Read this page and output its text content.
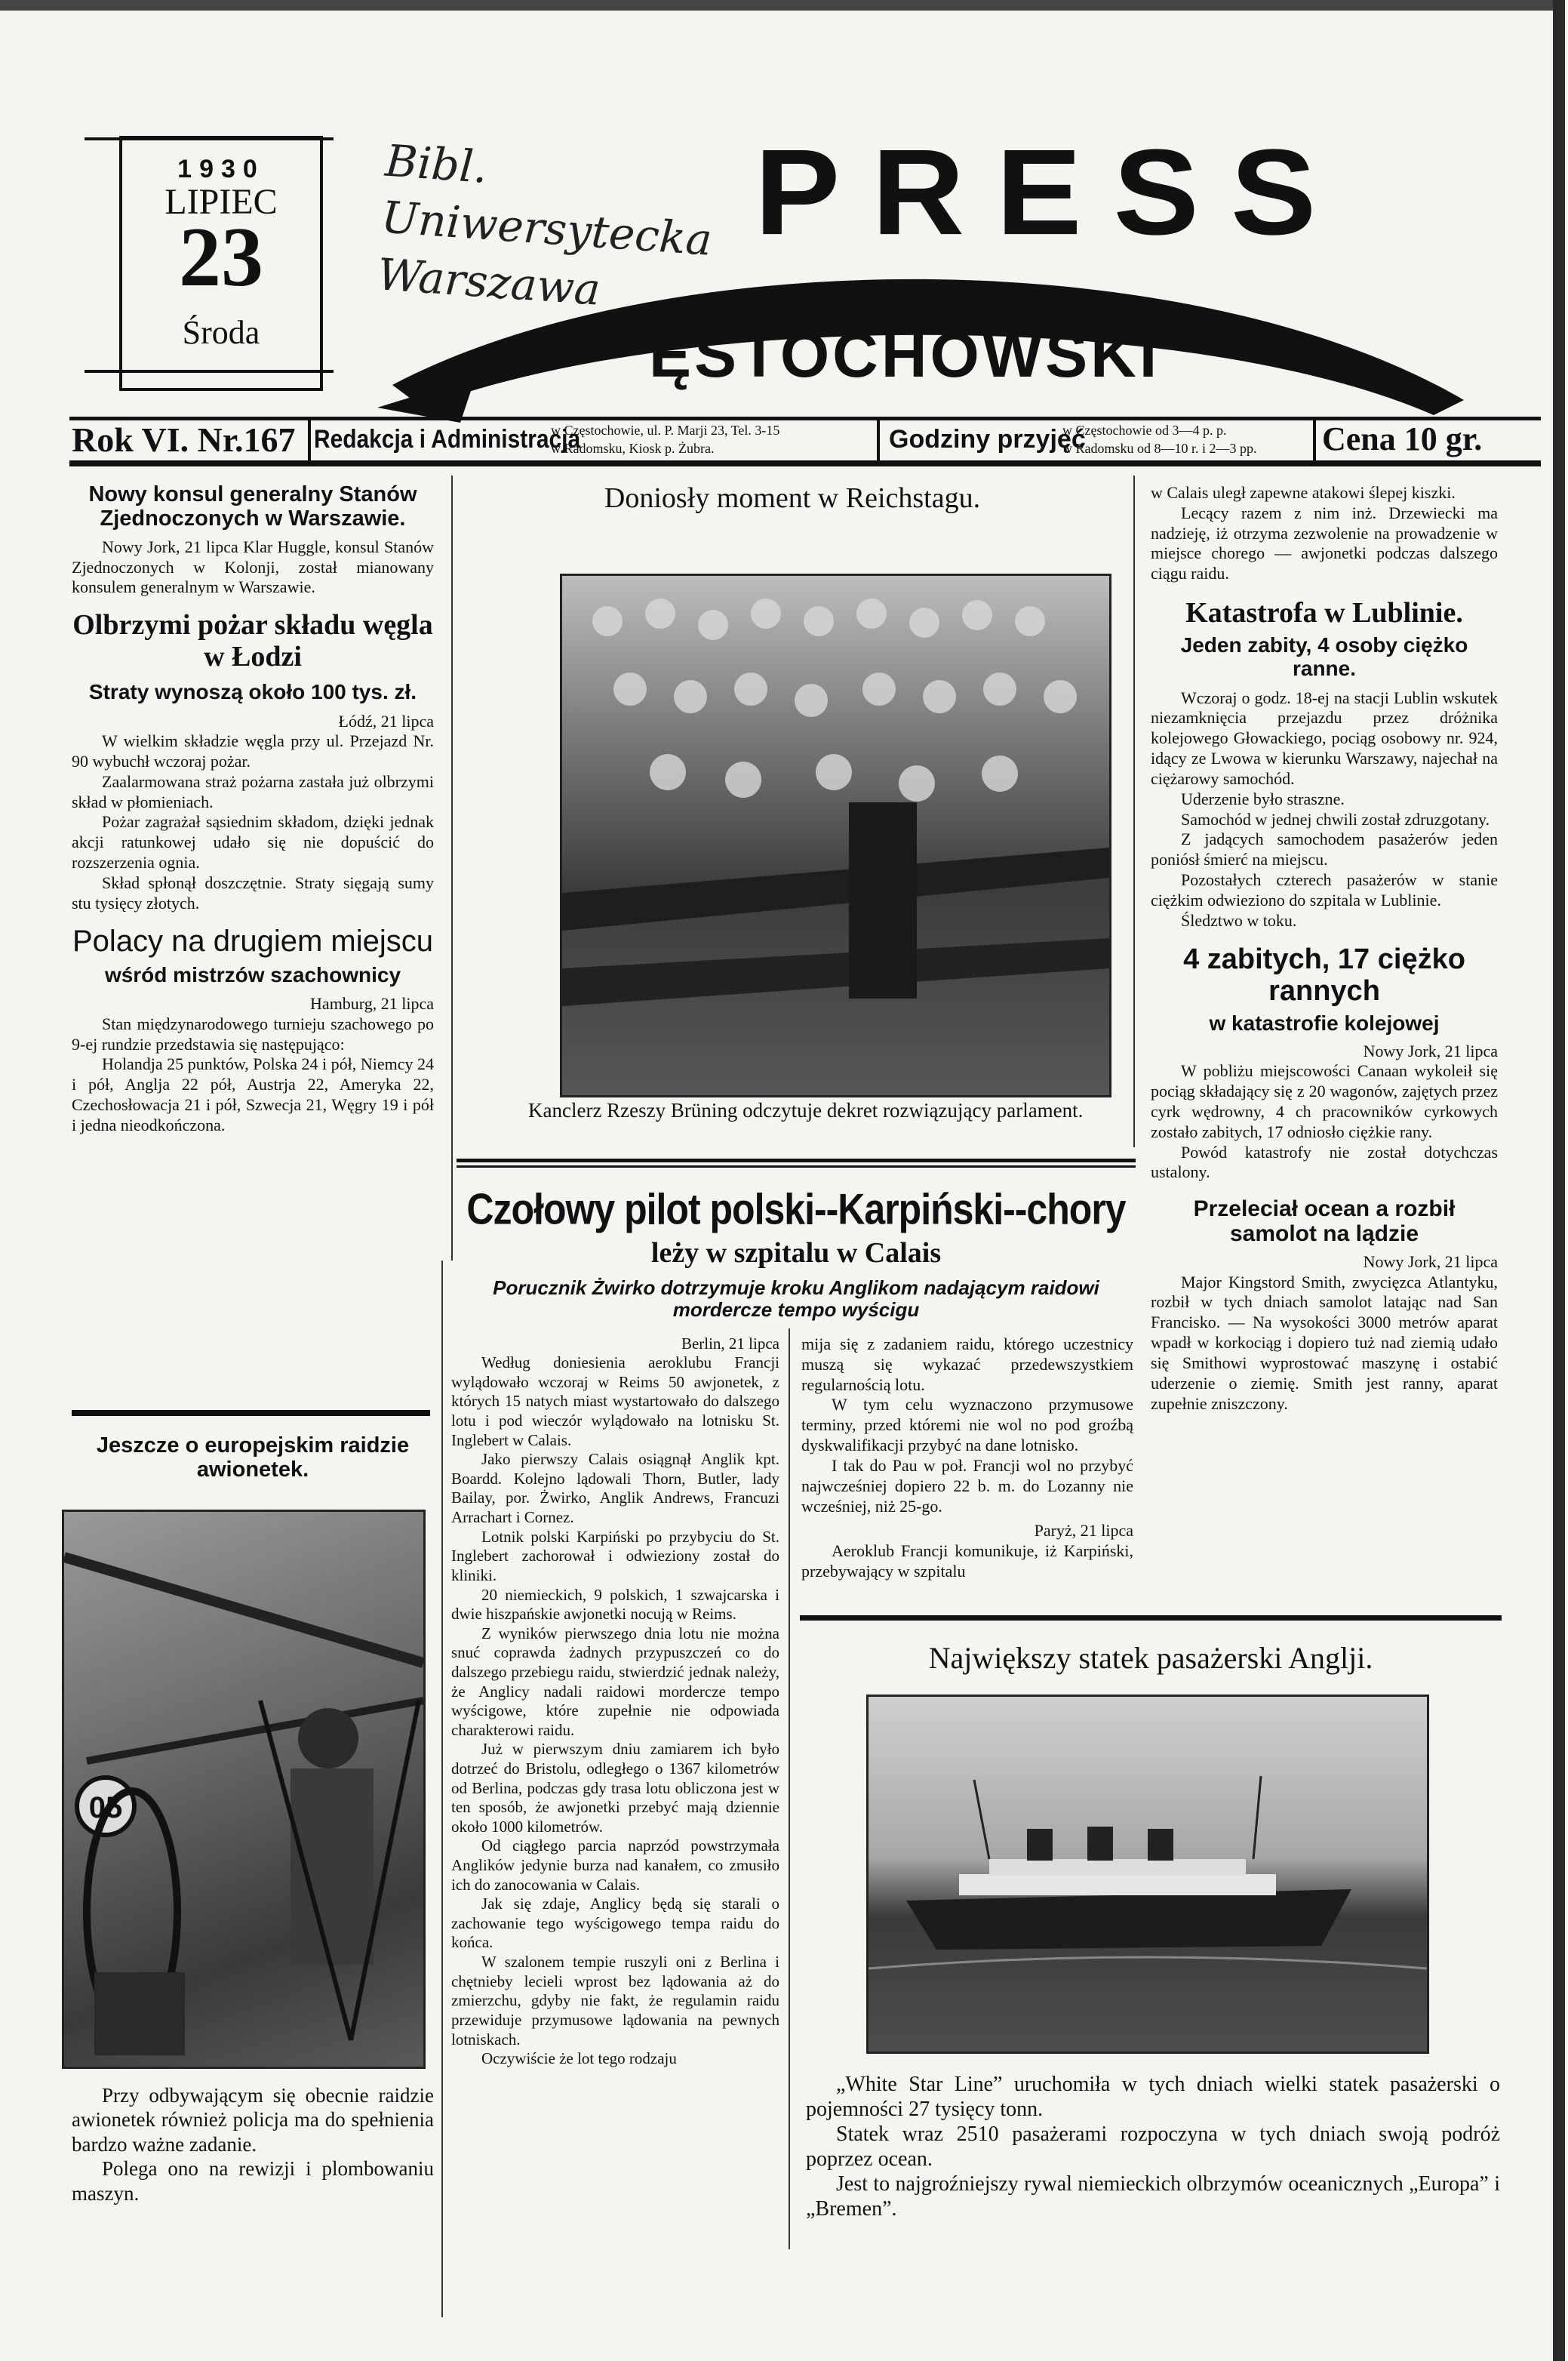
1930
LIPIEC
23
Środa
Bibl. Uniwersytecka Warszawa
PRESS
ĘSTOCHOWSKI
Rok VI. Nr.167 Redakcja i Administracja
w Częstochowie, ul. P. Marji 23, Tel. 3-15
w Radomsku, Kiosk p. Żubra.	Godziny przyjęć
w Częstochowie od 3—4 p. p.
w Radomsku od 8—10 r. i 2—3 pp.	Cena 10 gr.
Nowy konsul generalny Stanów Zjednoczonych w Warszawie.

Nowy Jork, 21 lipca Klar Huggle, konsul Stanów Zjednoczonych w Kolonji, został mianowany konsulem generalnym w Warszawie.

Olbrzymi pożar składu węgla w Łodzi
Straty wynoszą około 100 tys. zł.

Łódź, 21 lipca

W wielkim składzie węgla przy ul. Przejazd Nr. 90 wybuchł wczoraj pożar.

Zaalarmowana straż pożarna zastała już olbrzymi skład w płomieniach.

Pożar zagrażał sąsiednim składom, dzięki jednak akcji ratunkowej udało się nie dopuścić do rozszerzenia ognia.

Skład spłonął doszczętnie. Straty sięgają sumy stu tysięcy złotych.

Polacy na drugiem miejscu
wśród mistrzów szachownicy

Hamburg, 21 lipca

Stan międzynarodowego turnieju szachowego po 9-ej rundzie przedstawia się następująco:

Holandja 25 punktów, Polska 24 i pół, Niemcy 24 i pół, Anglja 22 pół, Austrja 22, Ameryka 22, Czechosłowacja 21 i pół, Szwecja 21, Węgry 19 i pół i jedna nieodkończona.

Jeszcze o europejskim raidzie awionetek.
05

Przy odbywającym się obecnie raidzie awionetek również policja ma do spełnienia bardzo ważne zadanie.

Polega ono na rewizji i plombowaniu maszyn.

Doniosły moment w Reichstagu.
Kanclerz Rzeszy Brüning odczytuje dekret rozwiązujący parlament.

w Calais uległ zapewne atakowi ślepej kiszki.

Lecący razem z nim inż. Drzewiecki ma nadzieję, iż otrzyma zezwolenie na prowadzenie w miejsce chorego — awjonetki podczas dalszego ciągu raidu.

Katastrofa w Lublinie.
Jeden zabity, 4 osoby ciężko ranne.

Wczoraj o godz. 18-ej na stacji Lublin wskutek niezamknięcia przejazdu przez dróżnika kolejowego Głowackiego, pociąg osobowy nr. 924, idący ze Lwowa w kierunku Warszawy, najechał na ciężarowy samochód.

Uderzenie było straszne.

Samochód w jednej chwili został zdruzgotany.

Z jadących samochodem pasażerów jeden poniósł śmierć na miejscu.

Pozostałych czterech pasażerów w stanie ciężkim odwieziono do szpitala w Lublinie.

Śledztwo w toku.

4 zabitych, 17 ciężko rannych
w katastrofie kolejowej

Nowy Jork, 21 lipca

W pobliżu miejscowości Canaan wykoleił się pociąg składający się z 20 wagonów, zajętych przez cyrk wędrowny, 4 ch pracowników cyrkowych zostało zabitych, 17 odniosło ciężkie rany.

Powód katastrofy nie został dotychczas ustalony.

Przeleciał ocean a rozbił samolot na lądzie

Nowy Jork, 21 lipca

Major Kingstord Smith, zwycięzca Atlantyku, rozbił w tych dniach samolot latając nad San Francisko. — Na wysokości 3000 metrów aparat wpadł w korkociąg i dopiero tuż nad ziemią udało się Smithowi wyprostować maszynę i ostabić uderzenie o ziemię. Smith jest ranny, aparat zupełnie zniszczony.

Czołowy pilot polski--Karpiński--chory
leży w szpitalu w Calais
Porucznik Żwirko dotrzymuje kroku Anglikom nadającym raidowi mordercze tempo wyścigu

Berlin, 21 lipca

Według doniesienia aeroklubu Francji wylądowało wczoraj w Reims 50 awjonetek, z których 15 natych miast wystartowało do dalszego lotu i pod wieczór wylądowało na lotnisku St. Inglebert w Calais.

Jako pierwszy Calais osiągnął Anglik kpt. Boardd. Kolejno lądowali Thorn, Butler, lady Bailay, por. Żwirko, Anglik Andrews, Francuzi Arrachart i Cornez.

Lotnik polski Karpiński po przybyciu do St. Inglebert zachorował i odwieziony został do kliniki.

20 niemieckich, 9 polskich, 1 szwajcarska i dwie hiszpańskie awjonetki nocują w Reims.

Z wyników pierwszego dnia lotu nie można snuć coprawda żadnych przypuszczeń co do dalszego przebiegu raidu, stwierdzić jednak należy, że Anglicy nadali raidowi mordercze tempo wyścigowe, które zupełnie nie odpowiada charakterowi raidu.

Już w pierwszym dniu zamiarem ich było dotrzeć do Bristolu, odległego o 1367 kilometrów od Berlina, podczas gdy trasa lotu obliczona jest w ten sposób, że awjonetki przebyć mają dziennie około 1000 kilometrów.

Od ciągłego parcia naprzód powstrzymała Anglików jedynie burza nad kanałem, co zmusiło ich do zanocowania w Calais.

Jak się zdaje, Anglicy będą się starali o zachowanie tego wyścigowego tempa raidu do końca.

W szalonem tempie ruszyli oni z Berlina i chętnieby lecieli wprost bez lądowania aż do zmierzchu, gdyby nie fakt, że regulamin raidu przewiduje przymusowe lądowania na pewnych lotniskach.

Oczywiście że lot tego rodzaju

mija się z zadaniem raidu, którego uczestnicy muszą się wykazać przedewszystkiem regularnością lotu.

W tym celu wyznaczono przymusowe terminy, przed któremi nie wol no pod groźbą dyskwalifikacji przybyć na dane lotnisko.

I tak do Pau w poł. Francji wol no przybyć najwcześniej dopiero 22 b. m. do Lozanny nie wcześniej, niż 25-go.

Paryż, 21 lipca

Aeroklub Francji komunikuje, iż Karpiński, przebywający w szpitalu

Największy statek pasażerski Anglji.

„White Star Line” uruchomiła w tych dniach wielki statek pasażerski o pojemności 27 tysięcy tonn.

Statek wraz 2510 pasażerami rozpoczyna w tych dniach swoją podróż poprzez ocean.

Jest to najgroźniejszy rywal niemieckich olbrzymów oceanicznych „Europa” i „Bremen”.
